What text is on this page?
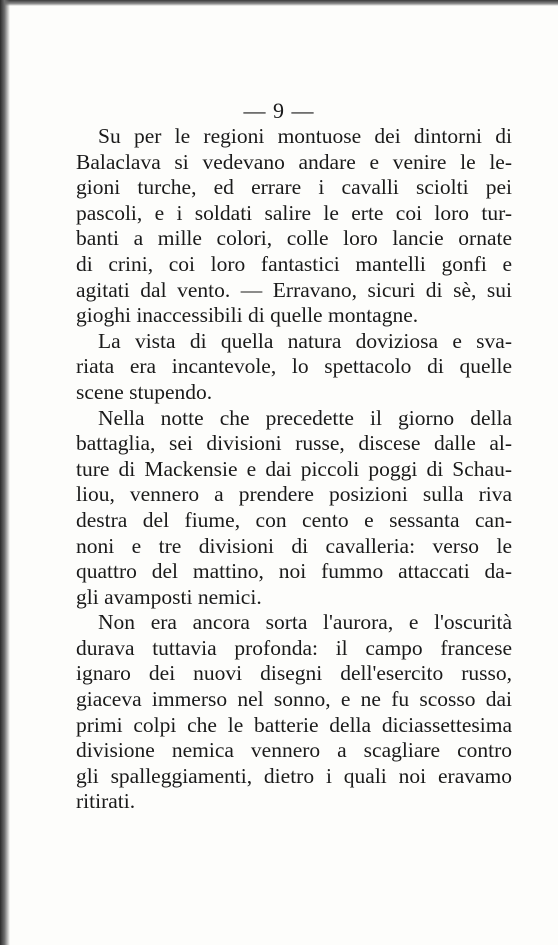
— 9 —
Su per le regioni montuose dei dintorni di
Balaclava si vedevano andare e venire le le-
gioni turche, ed errare i cavalli sciolti pei
pascoli, e i soldati salire le erte coi loro tur-
banti a mille colori, colle loro lancie ornate
di crini, coi loro fantastici mantelli gonfi e
agitati dal vento. — Erravano, sicuri di sè, sui
gioghi inaccessibili di quelle montagne.
La vista di quella natura doviziosa e sva-
riata era incantevole, lo spettacolo di quelle
scene stupendo.
Nella notte che precedette il giorno della
battaglia, sei divisioni russe, discese dalle al-
ture di Mackensie e dai piccoli poggi di Schau-
liou, vennero a prendere posizioni sulla riva
destra del fiume, con cento e sessanta can-
noni e tre divisioni di cavalleria: verso le
quattro del mattino, noi fummo attaccati da-
gli avamposti nemici.
Non era ancora sorta l'aurora, e l'oscurità
durava tuttavia profonda: il campo francese
ignaro dei nuovi disegni dell'esercito russo,
giaceva immerso nel sonno, e ne fu scosso dai
primi colpi che le batterie della diciassettesima
divisione nemica vennero a scagliare contro
gli spalleggiamenti, dietro i quali noi eravamo
ritirati.
